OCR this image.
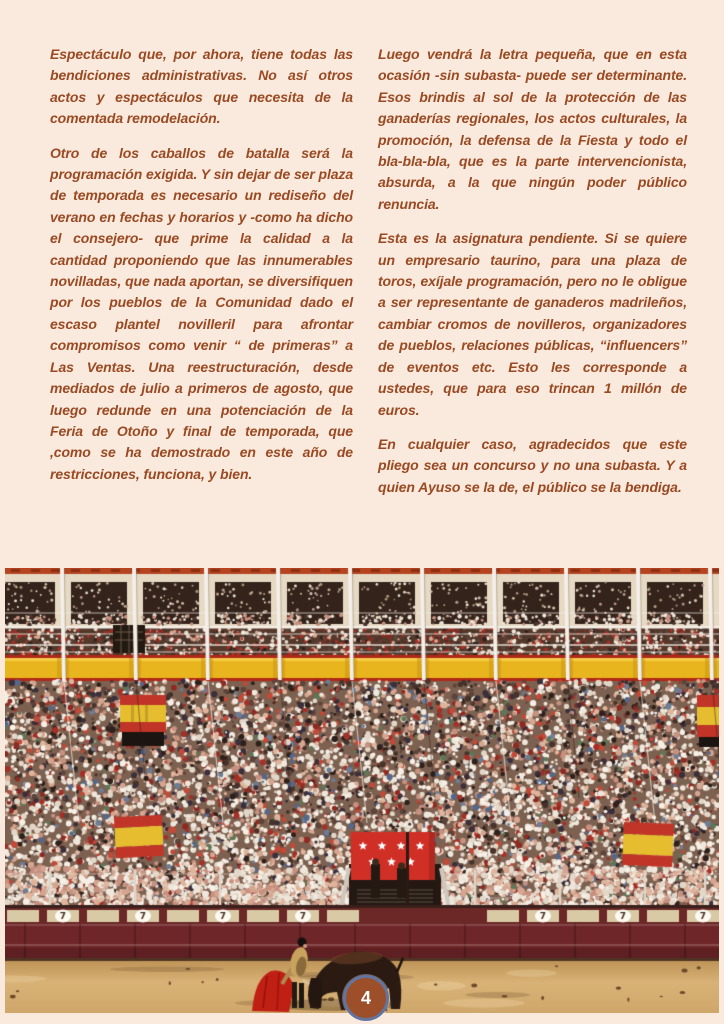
Espectáculo que, por ahora, tiene todas las bendiciones administrativas. No así otros actos y espectáculos que necesita de la comentada remodelación.

Otro de los caballos de batalla será la programación exigida. Y sin dejar de ser plaza de temporada es necesario un rediseño del verano en fechas y horarios y -como ha dicho el consejero- que prime la calidad a la cantidad proponiendo que las innumerables novilladas, que nada aportan, se diversifiquen por los pueblos de la Comunidad dado el escaso plantel novilleril para afrontar compromisos como venir “ de primeras” a Las Ventas. Una reestructuración, desde mediados de julio a primeros de agosto, que luego redunde en una potenciación de la Feria de Otoño y final de temporada, que ,como se ha demostrado en este año de restricciones, funciona, y bien.

Luego vendrá la letra pequeña, que en esta ocasión -sin subasta- puede ser determinante. Esos brindis al sol de la protección de las ganaderías regionales, los actos culturales, la promoción, la defensa de la Fiesta y todo el bla-bla-bla, que es la parte intervencionista, absurda, a la que ningún poder público renuncia.

Esta es la asignatura pendiente. Si se quiere un empresario taurino, para una plaza de toros, exíjale programación, pero no le obligue a ser representante de ganaderos madrileños, cambiar cromos de novilleros, organizadores de pueblos, relaciones públicas, “influencers” de eventos etc. Esto les corresponde a ustedes, que para eso trincan 1 millón de euros.

En cualquier caso, agradecidos que este pliego sea un concurso y no una subasta. Y a quien Ayuso se la de, el público se la bendiga.

4
